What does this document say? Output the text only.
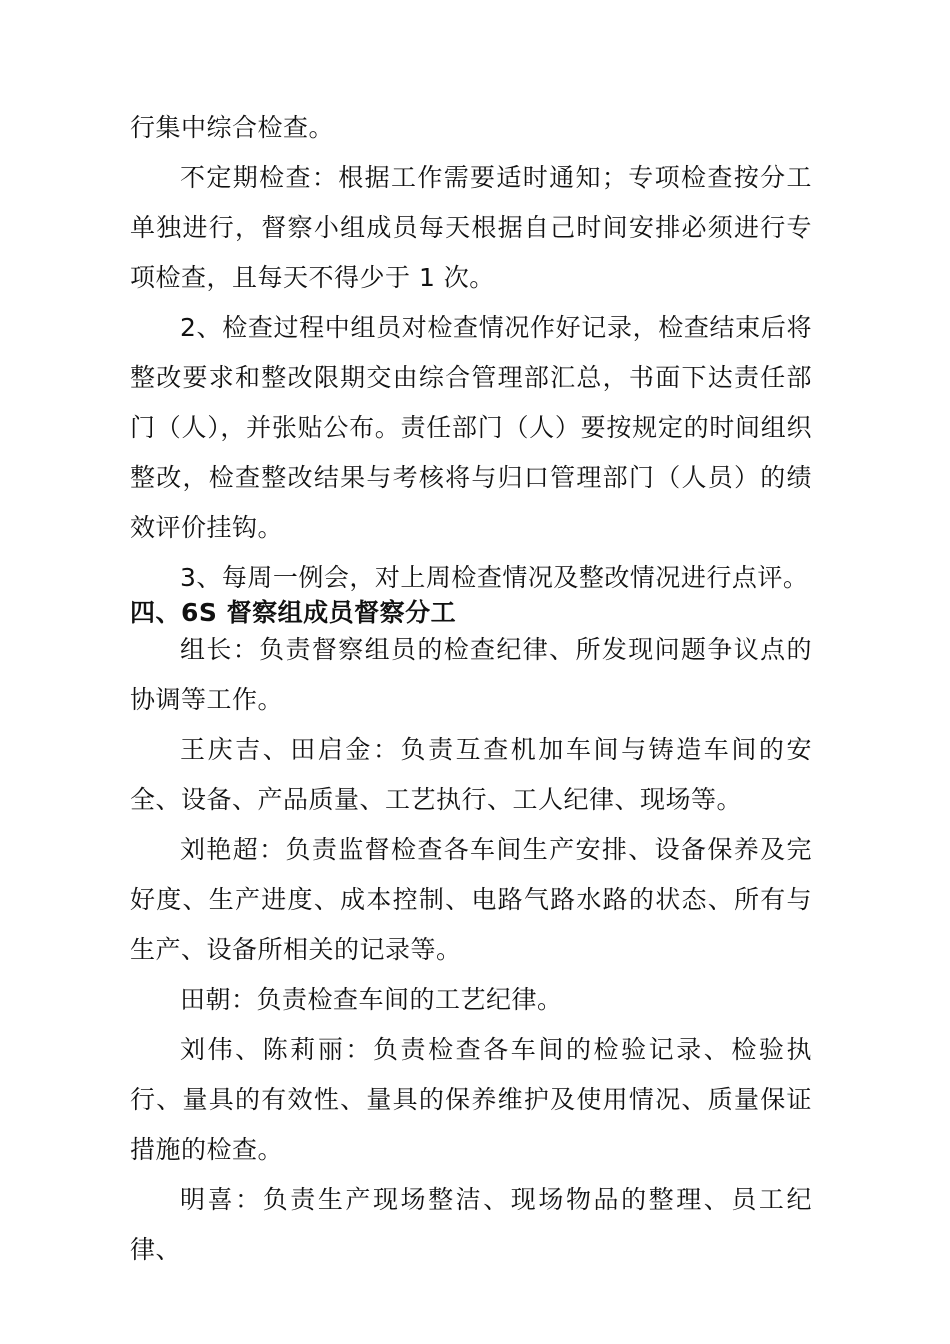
行集中综合检查。

不定期检查：根据工作需要适时通知；专项检查按分工单独进行，督察小组成员每天根据自己时间安排必须进行专项检查，且每天不得少于 1 次。

2、检查过程中组员对检查情况作好记录，检查结束后将整改要求和整改限期交由综合管理部汇总，书面下达责任部门（人），并张贴公布。责任部门（人）要按规定的时间组织整改，检查整改结果与考核将与归口管理部门（人员）的绩效评价挂钩。

3、每周一例会，对上周检查情况及整改情况进行点评。

四、6S 督察组成员督察分工

组长：负责督察组员的检查纪律、所发现问题争议点的协调等工作。

王庆吉、田启金：负责互查机加车间与铸造车间的安全、设备、产品质量、工艺执行、工人纪律、现场等。

刘艳超：负责监督检查各车间生产安排、设备保养及完好度、生产进度、成本控制、电路气路水路的状态、所有与生产、设备所相关的记录等。

田朝：负责检查车间的工艺纪律。

刘伟、陈莉丽：负责检查各车间的检验记录、检验执行、量具的有效性、量具的保养维护及使用情况、质量保证措施的检查。

明喜：负责生产现场整洁、现场物品的整理、员工纪律、
